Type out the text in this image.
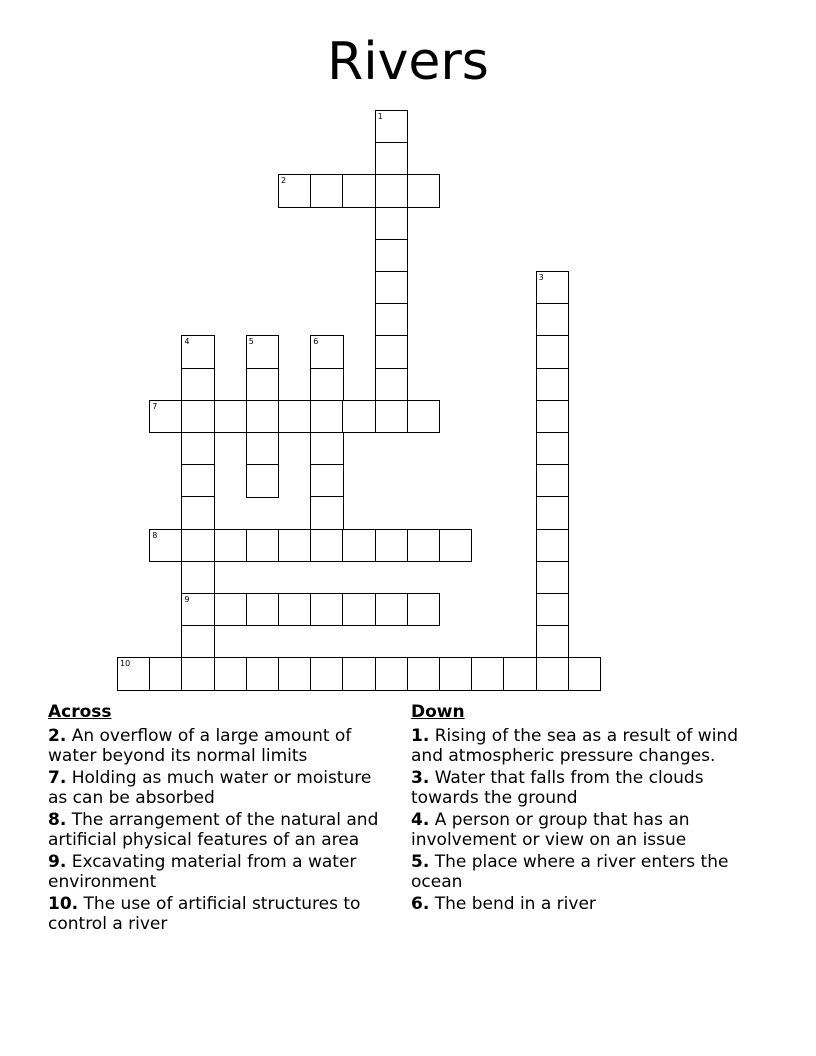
Rivers
1
2
3
4	5	6
7
8
9
10
Across
2. An overflow of a large amount of water beyond its normal limits
7. Holding as much water or moisture as can be absorbed
8. The arrangement of the natural and artificial physical features of an area
9. Excavating material from a water environment
10. The use of artificial structures to control a river
Down
1. Rising of the sea as a result of wind and atmospheric pressure changes.
3. Water that falls from the clouds towards the ground
4. A person or group that has an involvement or view on an issue
5. The place where a river enters the ocean
6. The bend in a river
